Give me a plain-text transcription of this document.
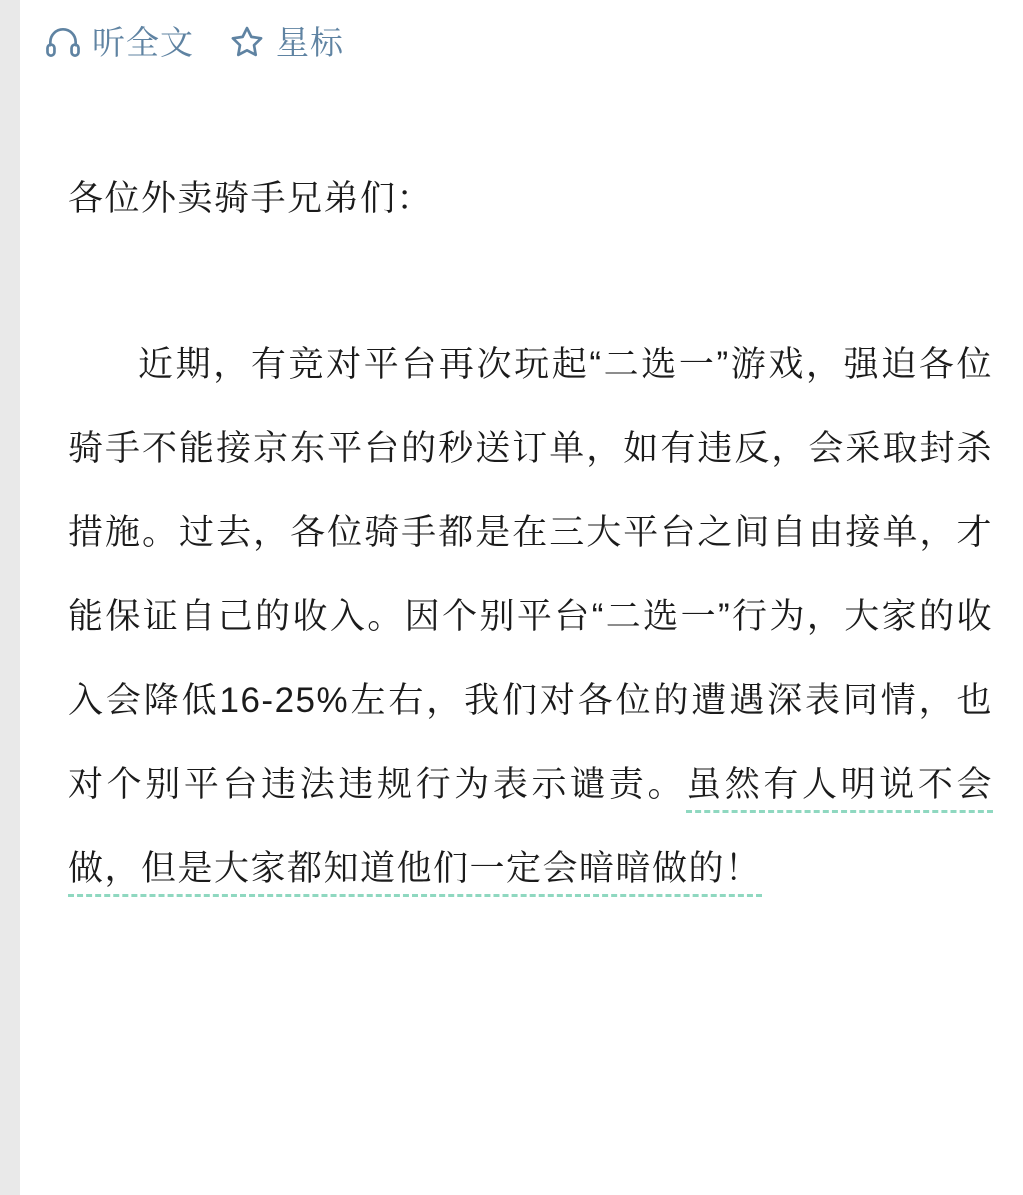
听全文 星标

各位外卖骑手兄弟们：

近期，有竞对平台再次玩起“二选一”游戏，强迫各位骑手不能接京东平台的秒送订单，如有违反，会采取封杀措施。过去，各位骑手都是在三大平台之间自由接单，才能保证自己的收入。因个别平台“二选一”行为，大家的收入会降低16-25%左右，我们对各位的遭遇深表同情，也对个别平台违法违规行为表示谴责。虽然有人明说不会做，但是大家都知道他们一定会暗暗做的！
